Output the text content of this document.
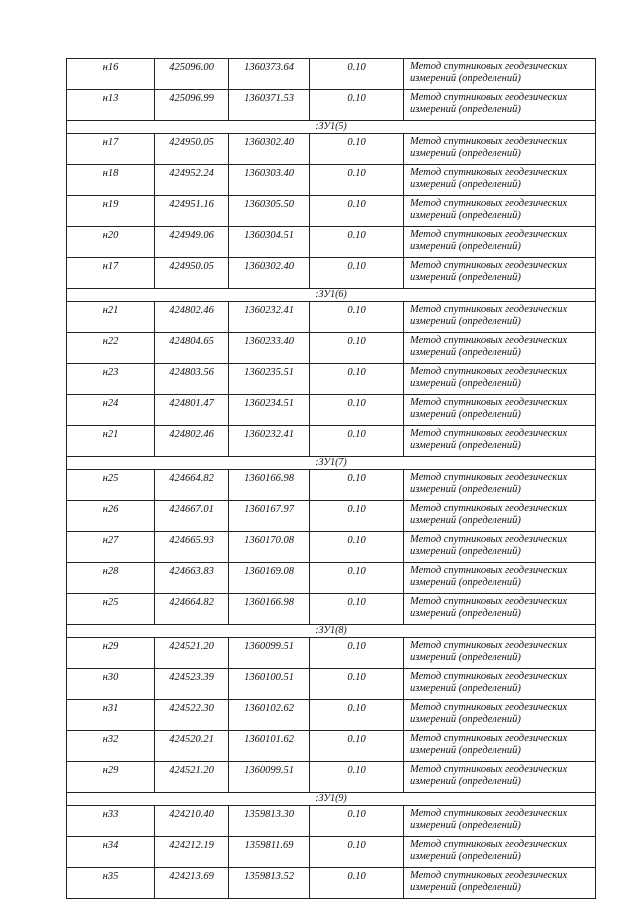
н16	425096.00	1360373.64	0.10	Метод спутниковых геодезических измерений (определений)
н13	425096.99	1360371.53	0.10	Метод спутниковых геодезических измерений (определений)
:ЗУ1(5)				
н17	424950.05	1360302.40	0.10	Метод спутниковых геодезических измерений (определений)
н18	424952.24	1360303.40	0.10	Метод спутниковых геодезических измерений (определений)
н19	424951.16	1360305.50	0.10	Метод спутниковых геодезических измерений (определений)
н20	424949.06	1360304.51	0.10	Метод спутниковых геодезических измерений (определений)
н17	424950.05	1360302.40	0.10	Метод спутниковых геодезических измерений (определений)
:ЗУ1(6)				
н21	424802.46	1360232.41	0.10	Метод спутниковых геодезических измерений (определений)
н22	424804.65	1360233.40	0.10	Метод спутниковых геодезических измерений (определений)
н23	424803.56	1360235.51	0.10	Метод спутниковых геодезических измерений (определений)
н24	424801.47	1360234.51	0.10	Метод спутниковых геодезических измерений (определений)
н21	424802.46	1360232.41	0.10	Метод спутниковых геодезических измерений (определений)
:ЗУ1(7)				
н25	424664.82	1360166.98	0.10	Метод спутниковых геодезических измерений (определений)
н26	424667.01	1360167.97	0.10	Метод спутниковых геодезических измерений (определений)
н27	424665.93	1360170.08	0.10	Метод спутниковых геодезических измерений (определений)
н28	424663.83	1360169.08	0.10	Метод спутниковых геодезических измерений (определений)
н25	424664.82	1360166.98	0.10	Метод спутниковых геодезических измерений (определений)
:ЗУ1(8)				
н29	424521.20	1360099.51	0.10	Метод спутниковых геодезических измерений (определений)
н30	424523.39	1360100.51	0.10	Метод спутниковых геодезических измерений (определений)
н31	424522.30	1360102.62	0.10	Метод спутниковых геодезических измерений (определений)
н32	424520.21	1360101.62	0.10	Метод спутниковых геодезических измерений (определений)
н29	424521.20	1360099.51	0.10	Метод спутниковых геодезических измерений (определений)
:ЗУ1(9)				
н33	424210.40	1359813.30	0.10	Метод спутниковых геодезических измерений (определений)
н34	424212.19	1359811.69	0.10	Метод спутниковых геодезических измерений (определений)
н35	424213.69	1359813.52	0.10	Метод спутниковых геодезических измерений (определений)
